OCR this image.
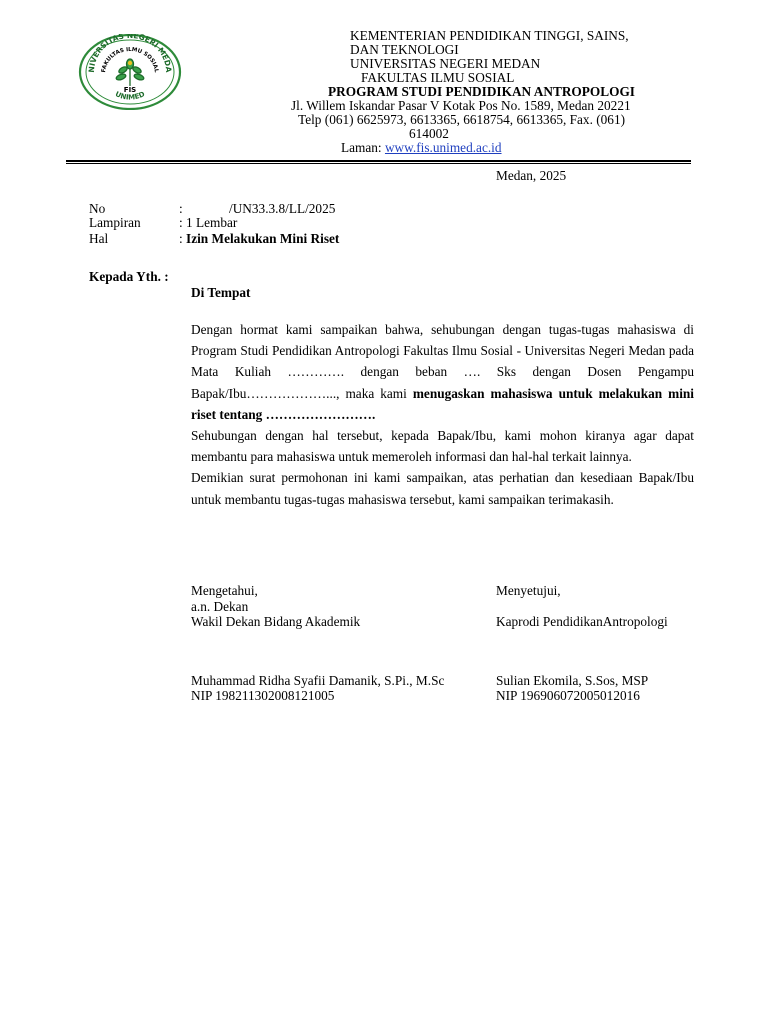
NIVERSITAS NEGERI MEDA
FAKULTAS ILMU SOSIAL
FIS
UNIMED
KEMENTERIAN PENDIDIKAN TINGGI, SAINS,
DAN TEKNOLOGI
UNIVERSITAS NEGERI MEDAN
FAKULTAS ILMU SOSIAL
PROGRAM STUDI PENDIDIKAN ANTROPOLOGI
Jl. Willem Iskandar Pasar V Kotak Pos No. 1589, Medan 20221
Telp (061) 6625973, 6613365, 6618754, 6613365, Fax. (061)
614002
Laman: www.fis.unimed.ac.id
Medan, 2025
No	:	/UN33.3.8/LL/2025
Lampiran	: 1 Lembar
Hal	: Izin Melakukan Mini Riset
Kepada Yth. :
Di Tempat

Dengan hormat kami sampaikan bahwa, sehubungan dengan tugas-tugas mahasiswa di Program Studi Pendidikan Antropologi Fakultas Ilmu Sosial - Universitas Negeri Medan pada Mata Kuliah …………. dengan beban …. Sks dengan Dosen Pengampu Bapak/Ibu………………..., maka kami menugaskan mahasiswa untuk melakukan mini riset tentang …………………….

Sehubungan dengan hal tersebut, kepada Bapak/Ibu, kami mohon kiranya agar dapat membantu para mahasiswa untuk memeroleh informasi dan hal-hal terkait lainnya.

Demikian surat permohonan ini kami sampaikan, atas perhatian dan kesediaan Bapak/Ibu untuk membantu tugas-tugas mahasiswa tersebut, kami sampaikan terimakasih.

Mengetahui,
a.n. Dekan
Wakil Dekan Bidang Akademik
Muhammad Ridha Syafii Damanik, S.Pi., M.Sc
NIP 198211302008121005
Menyetujui,
Kaprodi PendidikanAntropologi
Sulian Ekomila, S.Sos, MSP
NIP 196906072005012016
